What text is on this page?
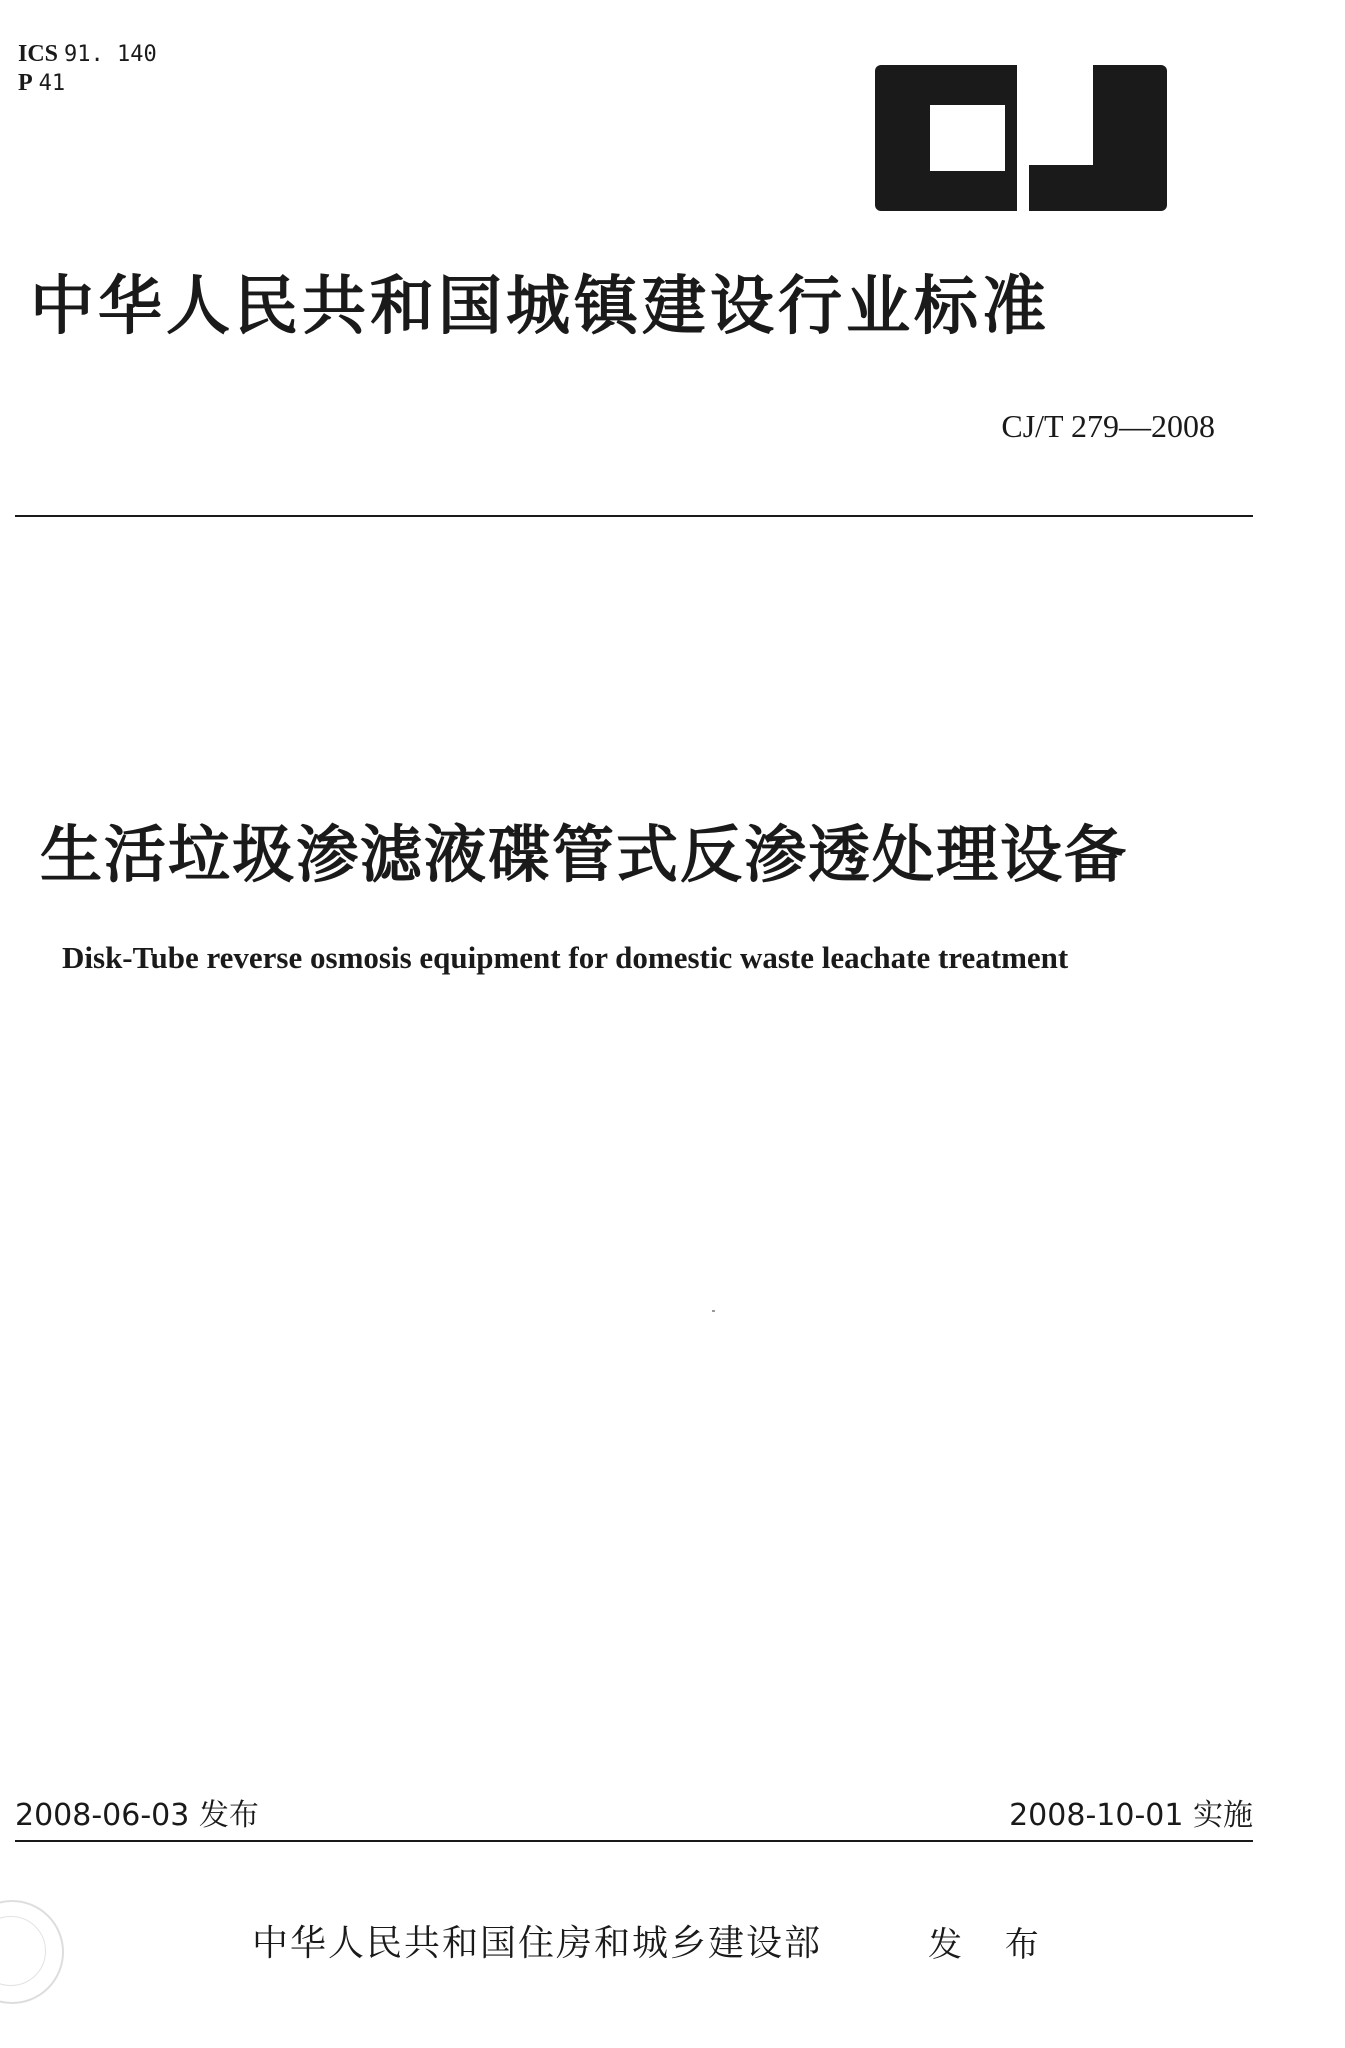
ICS 91. 140
P 41
中华人民共和国城镇建设行业标准
CJ/T 279—2008
生活垃圾渗滤液碟管式反渗透处理设备
Disk-Tube reverse osmosis equipment for domestic waste leachate treatment
2008-06-03 发布	2008-10-01 实施
中华人民共和国住房和城乡建设部	发 布
